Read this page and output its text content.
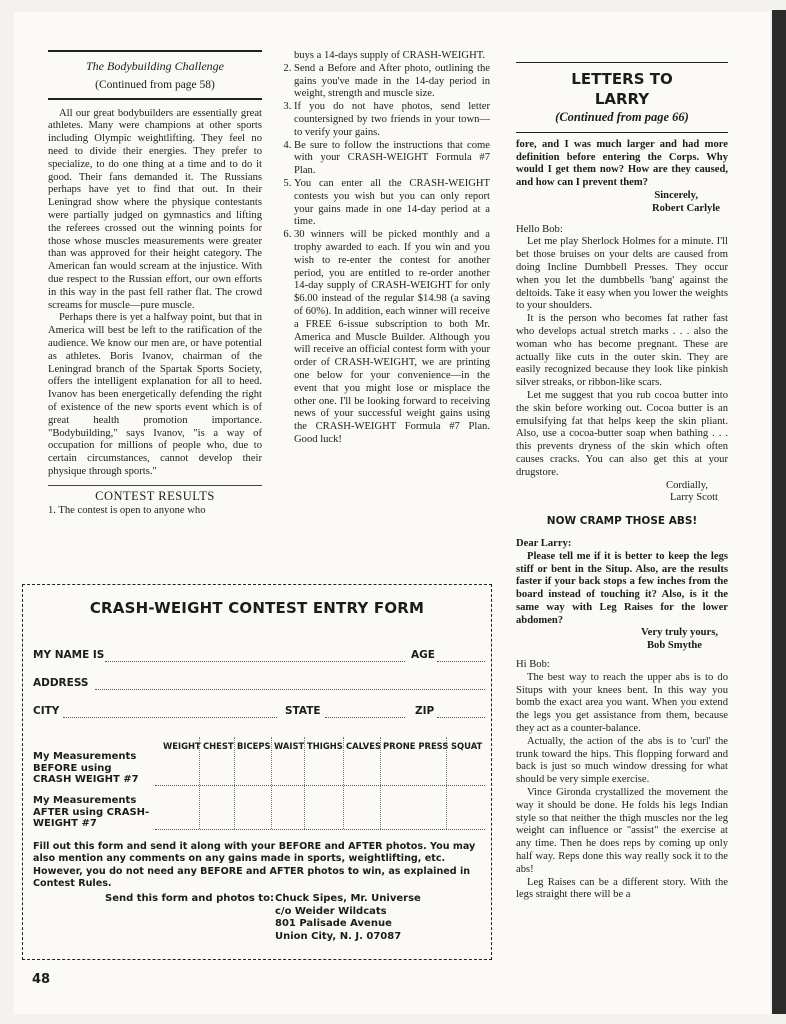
The Bodybuilding Challenge
(Continued from page 58)

All our great bodybuilders are essentially great athletes. Many were champions at other sports including Olympic weightlifting. They feel no need to divide their energies. They prefer to specialize, to do one thing at a time and to do it good. Their fans demanded it. The Russians perhaps have yet to find that out. In their Leningrad show where the physique contestants were partially judged on gymnastics and lifting the referees crossed out the winning points for those whose muscles measurements were greater than was approved for their height category. The American fan would scream at the injustice. With due respect to the Russian effort, our own efforts in this way in the past fell rather flat. The crowd screams for muscle—pure muscle.

Perhaps there is yet a halfway point, but that in America will best be left to the ratification of the audience. We know our men are, or have potential as athletes. Boris Ivanov, chairman of the Leningrad branch of the Spartak Sports Society, offers the intelligent explanation for all to heed. Ivanov has been energetically defending the right of existence of the new sports event which is of great health promotion importance. "Bodybuilding," says Ivanov, "is a way of occupation for millions of people who, due to certain circumstances, cannot develop their physique through sports."

CONTEST RESULTS

1. The contest is open to anyone who

buys a 14-days supply of CRASH-WEIGHT.

2. Send a Before and After photo, outlining the gains you've made in the 14-day period in weight, strength and muscle size.
3. If you do not have photos, send letter countersigned by two friends in your town—to verify your gains.
4. Be sure to follow the instructions that come with your CRASH-WEIGHT Formula #7 Plan.
5. You can enter all the CRASH-WEIGHT contests you wish but you can only report your gains made in one 14-day period at a time.
6. 30 winners will be picked monthly and a trophy awarded to each. If you win and you wish to re-enter the contest for another period, you are entitled to re-order another 14-day supply of CRASH-WEIGHT for only $6.00 instead of the regular $14.98 (a saving of 60%). In addition, each winner will receive a FREE 6-issue subscription to both Mr. America and Muscle Builder. Although you will receive an official contest form with your order of CRASH-WEIGHT, we are printing one below for your convenience—in the event that you might lose or misplace the other one. I'll be looking forward to receiving news of your successful weight gains using the CRASH-WEIGHT Formula #7 Plan. Good luck!
LETTERS TO
LARRY
(Continued from page 66)

fore, and I was much larger and had more definition before entering the Corps. Why would I get them now? How are they caused, and how can I prevent them?

Sincerely,
Robert Carlyle

Hello Bob:

Let me play Sherlock Holmes for a minute. I'll bet those bruises on your delts are caused from doing Incline Dumbbell Presses. They occur when you let the dumbbells 'bang' against the deltoids. Take it easy when you lower the weights to your shoulders.

It is the person who becomes fat rather fast who develops actual stretch marks . . . also the woman who has become pregnant. These are actually like cuts in the outer skin. They are easily recognized because they look like pinkish silver streaks, or ribbon-like scars.

Let me suggest that you rub cocoa butter into the skin before working out. Cocoa butter is an emulsifying fat that helps keep the skin pliant. Also, use a cocoa-butter soap when bathing . . . this prevents dryness of the skin which often causes cracks. You can also get this at your drugstore.

Cordially,
Larry Scott
NOW CRAMP THOSE ABS!

Dear Larry:

Please tell me if it is better to keep the legs stiff or bent in the Situp. Also, are the results faster if your back stops a few inches from the board instead of touching it? Also, is it the same way with Leg Raises for the lower abdomen?

Very truly yours,
Bob Smythe

Hi Bob:

The best way to reach the upper abs is to do Situps with your knees bent. In this way you bomb the exact area you want. When you extend the legs you get assistance from them, because they act as a counter-balance.

Actually, the action of the abs is to 'curl' the trunk toward the hips. This flopping forward and back is just so much window dressing for what should be very simple exercise.

Vince Gironda crystallized the movement the way it should be done. He folds his legs Indian style so that neither the thigh muscles nor the leg weight can influence or "assist" the exercise at any time. Then he does reps by coming up only half way. Reps done this way really sock it to the abs!

Leg Raises can be a different story. With the legs straight there will be a

CRASH-WEIGHT CONTEST ENTRY FORM
MY NAME IS	AGE
ADDRESS
CITY	STATE	ZIP
WEIGHT CHEST BICEPS WAIST THIGHS CALVES PRONE PRESS SQUAT
My Measurements BEFORE using CRASH WEIGHT #7
My Measurements AFTER using CRASH-WEIGHT #7
Fill out this form and send it along with your BEFORE and AFTER photos. You may also mention any comments on any gains made in sports, weightlifting, etc. However, you do not need any BEFORE and AFTER photos to win, as explained in Contest Rules.
Send this form and photos to: Chuck Sipes, Mr. Universe
c/o Weider Wildcats
801 Palisade Avenue
Union City, N. J. 07087
48
